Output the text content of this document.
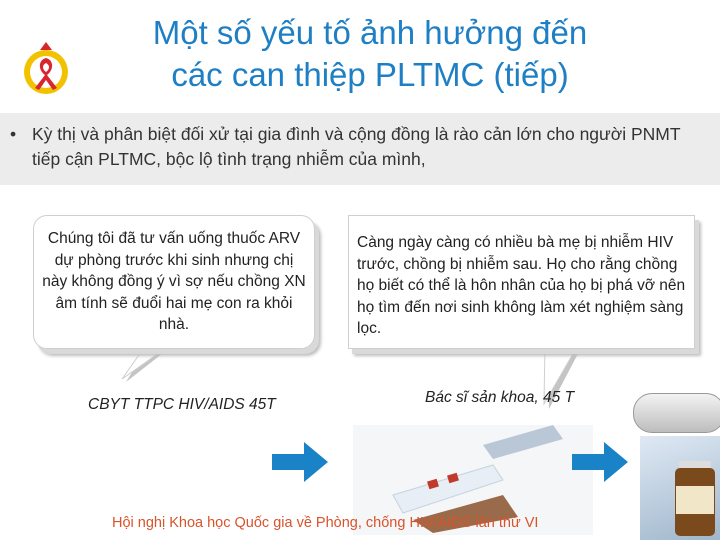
Một số yếu tố ảnh hưởng đến
các can thiệp PLTMC (tiếp)
• Kỳ thị và phân biệt đối xử tại gia đình và cộng đồng là rào cản lớn cho người PNMT tiếp cận PLTMC, bộc lộ tình trạng nhiễm của mình,
Chúng tôi đã tư vấn uống thuốc ARV dự phòng trước khi sinh nhưng chị này không đồng ý vì sợ nếu chồng XN âm tính sẽ đuổi hai mẹ con ra khỏi nhà.
Càng ngày càng có nhiều bà mẹ bị nhiễm HIV trước, chồng bị nhiễm sau. Họ cho rằng chồng họ biết có thể là hôn nhân của họ bị phá vỡ nên họ tìm đến nơi sinh không làm xét nghiệm sàng lọc.
CBYT TTPC HIV/AIDS 45T	Bác sĩ sản khoa, 45 T
Hội nghị Khoa học Quốc gia về Phòng, chống HIV/AIDS lần thứ VI
